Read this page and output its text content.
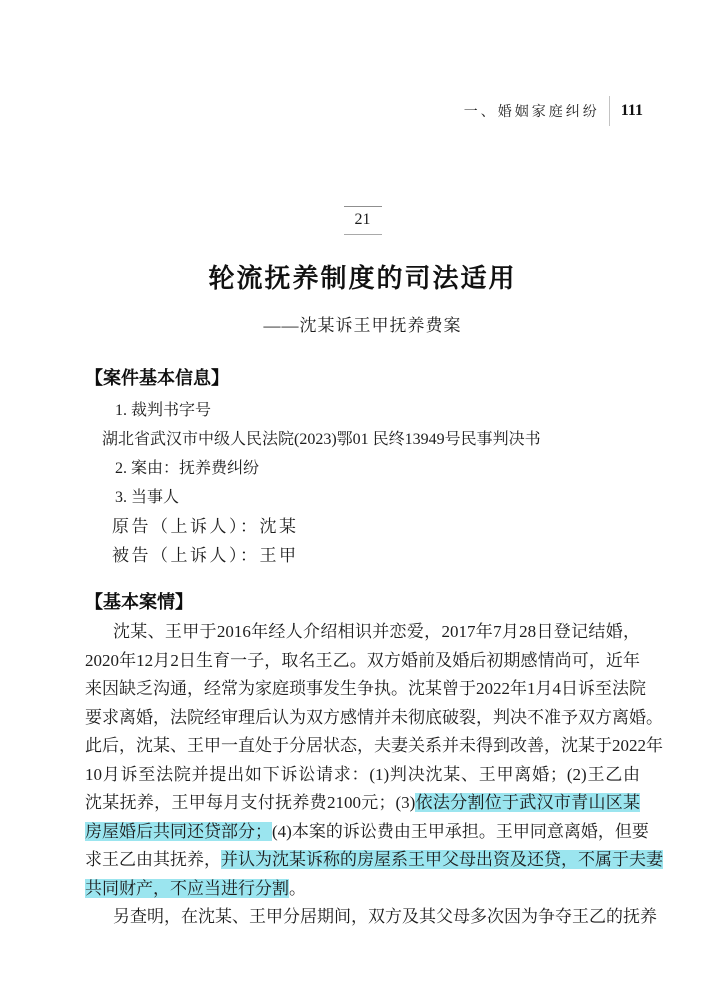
一、婚姻家庭纠纷 111
21
轮流抚养制度的司法适用
——沈某诉王甲抚养费案
【案件基本信息】
1. 裁判书字号
湖北省武汉市中级人民法院(2023)鄂01 民终13949号民事判决书
2. 案由：抚养费纠纷
3. 当事人
原告（上诉人）：沈某
被告（上诉人）：王甲
【基本案情】
沈某、王甲于2016年经人介绍相识并恋爱，2017年7月28日登记结婚，
2020年12月2日生育一子，取名王乙。双方婚前及婚后初期感情尚可，近年
来因缺乏沟通，经常为家庭琐事发生争执。沈某曾于2022年1月4日诉至法院
要求离婚，法院经审理后认为双方感情并未彻底破裂，判决不准予双方离婚。
此后，沈某、王甲一直处于分居状态，夫妻关系并未得到改善，沈某于2022年
10月诉至法院并提出如下诉讼请求：(1)判决沈某、王甲离婚；(2)王乙由
沈某抚养，王甲每月支付抚养费2100元；(3)依法分割位于武汉市青山区某
房屋婚后共同还贷部分；(4)本案的诉讼费由王甲承担。王甲同意离婚，但要
求王乙由其抚养，并认为沈某诉称的房屋系王甲父母出资及还贷，不属于夫妻
共同财产，不应当进行分割。
另查明，在沈某、王甲分居期间，双方及其父母多次因为争夺王乙的抚养
